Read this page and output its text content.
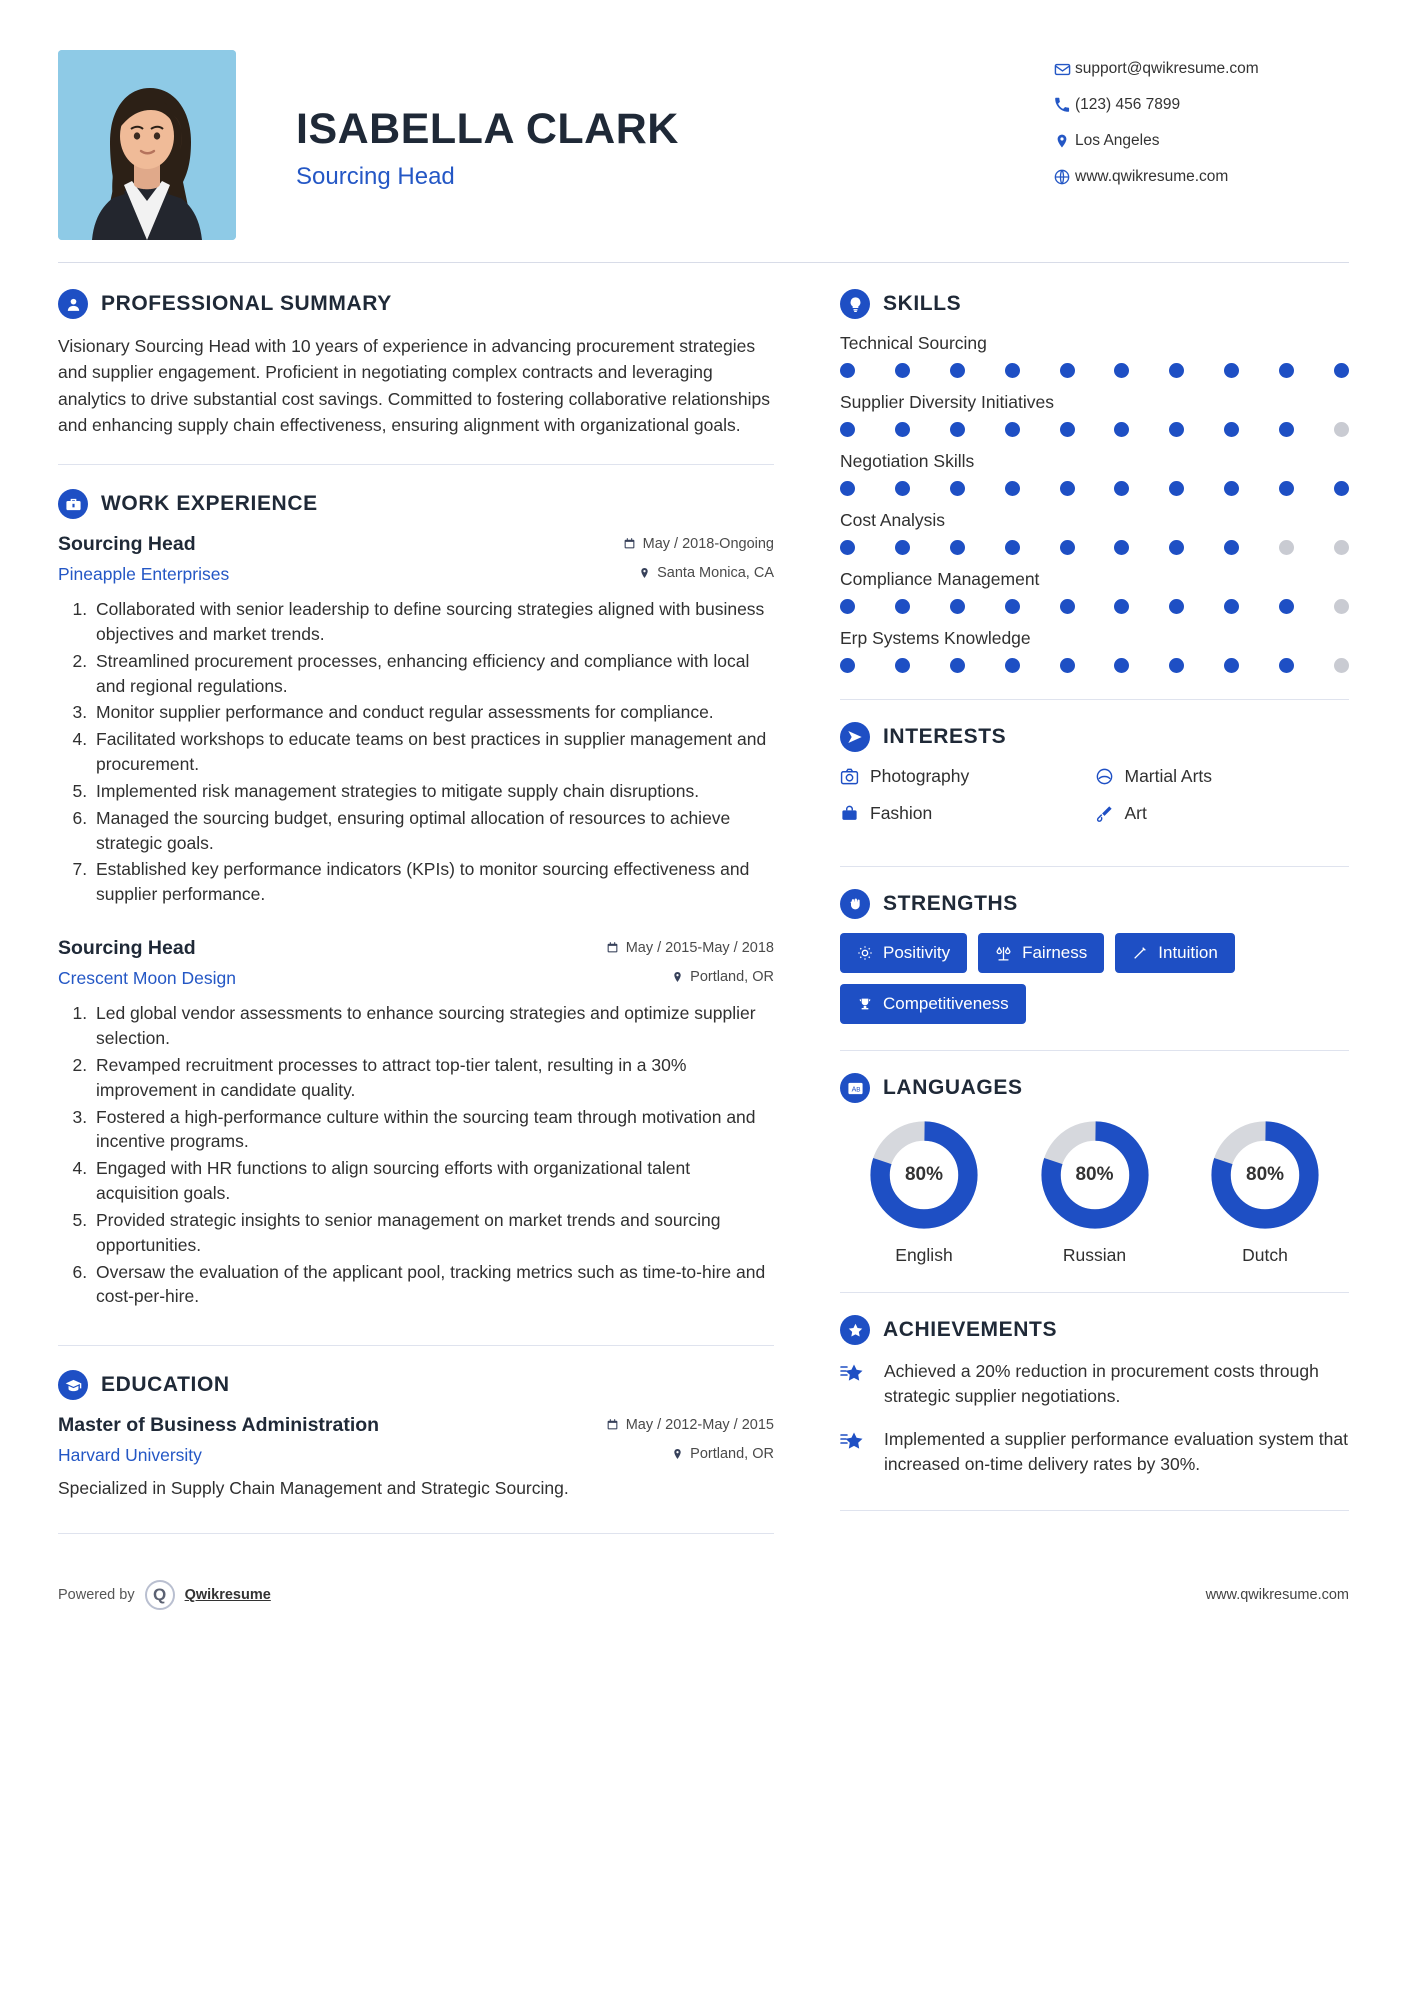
ISABELLA CLARK
Sourcing Head
support@qwikresume.com
(123) 456 7899
Los Angeles
www.qwikresume.com
PROFESSIONAL SUMMARY
Visionary Sourcing Head with 10 years of experience in advancing procurement strategies and supplier engagement. Proficient in negotiating complex contracts and leveraging analytics to drive substantial cost savings. Committed to fostering collaborative relationships and enhancing supply chain effectiveness, ensuring alignment with organizational goals.
WORK EXPERIENCE
Sourcing Head	May / 2018-Ongoing
Pineapple Enterprises	Santa Monica, CA
1. Collaborated with senior leadership to define sourcing strategies aligned with business objectives and market trends.
2. Streamlined procurement processes, enhancing efficiency and compliance with local and regional regulations.
3. Monitor supplier performance and conduct regular assessments for compliance.
4. Facilitated workshops to educate teams on best practices in supplier management and procurement.
5. Implemented risk management strategies to mitigate supply chain disruptions.
6. Managed the sourcing budget, ensuring optimal allocation of resources to achieve strategic goals.
7. Established key performance indicators (KPIs) to monitor sourcing effectiveness and supplier performance.
Sourcing Head	May / 2015-May / 2018
Crescent Moon Design	Portland, OR
1. Led global vendor assessments to enhance sourcing strategies and optimize supplier selection.
2. Revamped recruitment processes to attract top-tier talent, resulting in a 30% improvement in candidate quality.
3. Fostered a high-performance culture within the sourcing team through motivation and incentive programs.
4. Engaged with HR functions to align sourcing efforts with organizational talent acquisition goals.
5. Provided strategic insights to senior management on market trends and sourcing opportunities.
6. Oversaw the evaluation of the applicant pool, tracking metrics such as time-to-hire and cost-per-hire.
EDUCATION
Master of Business Administration	May / 2012-May / 2015
Harvard University	Portland, OR
Specialized in Supply Chain Management and Strategic Sourcing.
SKILLS
Technical Sourcing
Supplier Diversity Initiatives
Negotiation Skills
Cost Analysis
Compliance Management
Erp Systems Knowledge
INTERESTS
Photography	Martial Arts
Fashion	Art
STRENGTHS
Positivity	Fairness	Intuition
Competitiveness
A B LANGUAGES
80%
English
80%
Russian
80%
Dutch
ACHIEVEMENTS
Achieved a 20% reduction in procurement costs through strategic supplier negotiations.
Implemented a supplier performance evaluation system that increased on-time delivery rates by 30%.
Powered by	Q	Qwikresume	www.qwikresume.com
